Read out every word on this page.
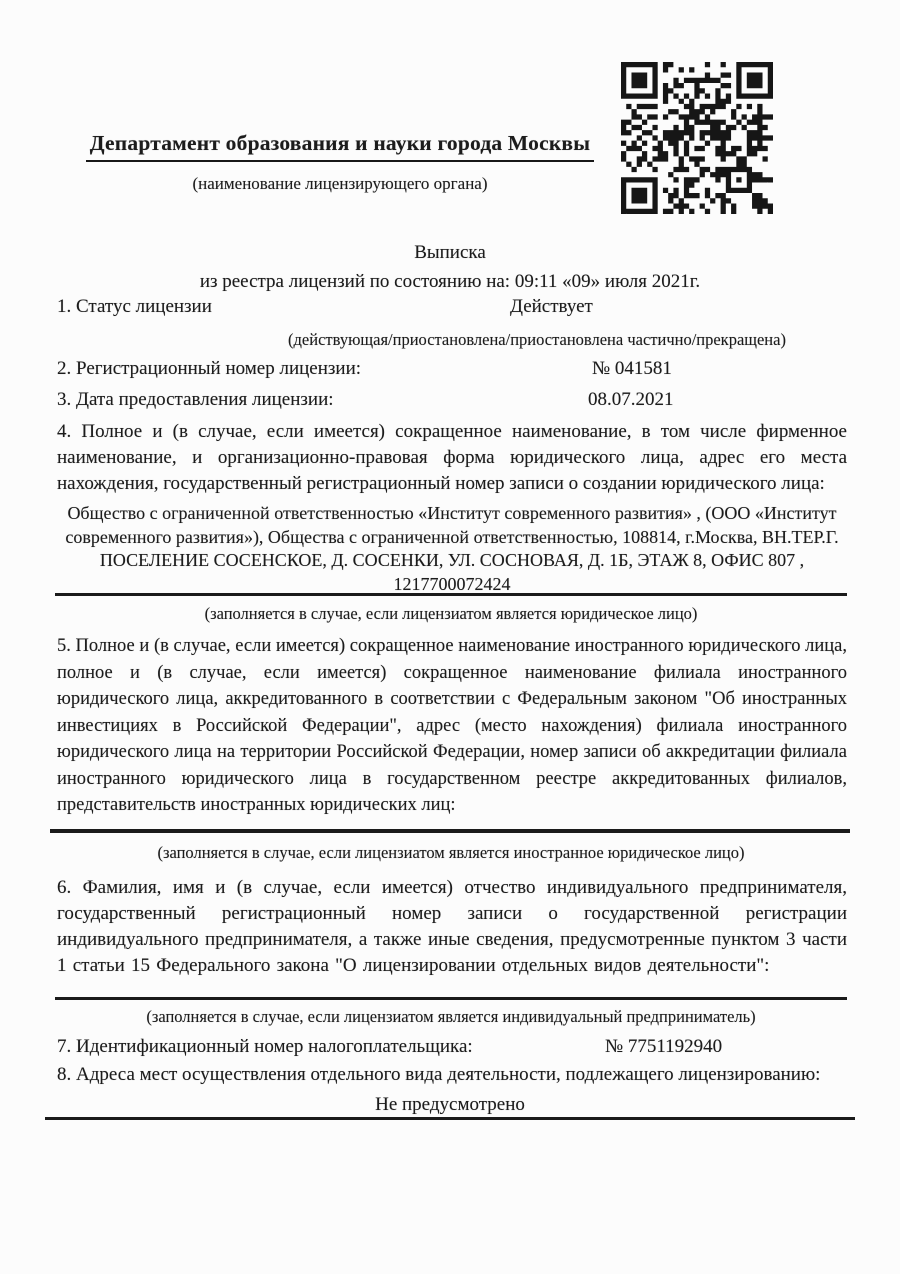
Департамент образования и науки города Москвы
(наименование лицензирующего органа)
Выписка
из реестра лицензий по состоянию на: 09:11 «09» июля 2021г.
1. Статус лицензии	Действует
(действующая/приостановлена/приостановлена частично/прекращена)
2. Регистрационный номер лицензии:	№ 041581
3. Дата предоставления лицензии:	08.07.2021
4. Полное и (в случае, если имеется) сокращенное наименование, в том числе фирменное наименование, и организационно-правовая форма юридического лица, адрес его места нахождения, государственный регистрационный номер записи о создании юридического лица:
Общество с ограниченной ответственностью «Институт современного развития» , (ООО «Институт современного развития»), Общества с ограниченной ответственностью, 108814, г.Москва, ВН.ТЕР.Г. ПОСЕЛЕНИЕ СОСЕНСКОЕ, Д. СОСЕНКИ, УЛ. СОСНОВАЯ, Д. 1Б, ЭТАЖ 8, ОФИС 807 , 1217700072424
(заполняется в случае, если лицензиатом является юридическое лицо)
5. Полное и (в случае, если имеется) сокращенное наименование иностранного юридического лица, полное и (в случае, если имеется) сокращенное наименование филиала иностранного юридического лица, аккредитованного в соответствии с Федеральным законом "Об иностранных инвестициях в Российской Федерации", адрес (место нахождения) филиала иностранного юридического лица на территории Российской Федерации, номер записи об аккредитации филиала иностранного юридического лица в государственном реестре аккредитованных филиалов, представительств иностранных юридических лиц:
(заполняется в случае, если лицензиатом является иностранное юридическое лицо)
6. Фамилия, имя и (в случае, если имеется) отчество индивидуального предпринимателя, государственный регистрационный номер записи о государственной регистрации индивидуального предпринимателя, а также иные сведения, предусмотренные пунктом 3 части 1 статьи 15 Федерального закона "О лицензировании отдельных видов деятельности":
(заполняется в случае, если лицензиатом является индивидуальный предприниматель)
7. Идентификационный номер налогоплательщика:	№ 7751192940
8. Адреса мест осуществления отдельного вида деятельности, подлежащего лицензированию:
Не предусмотрено
